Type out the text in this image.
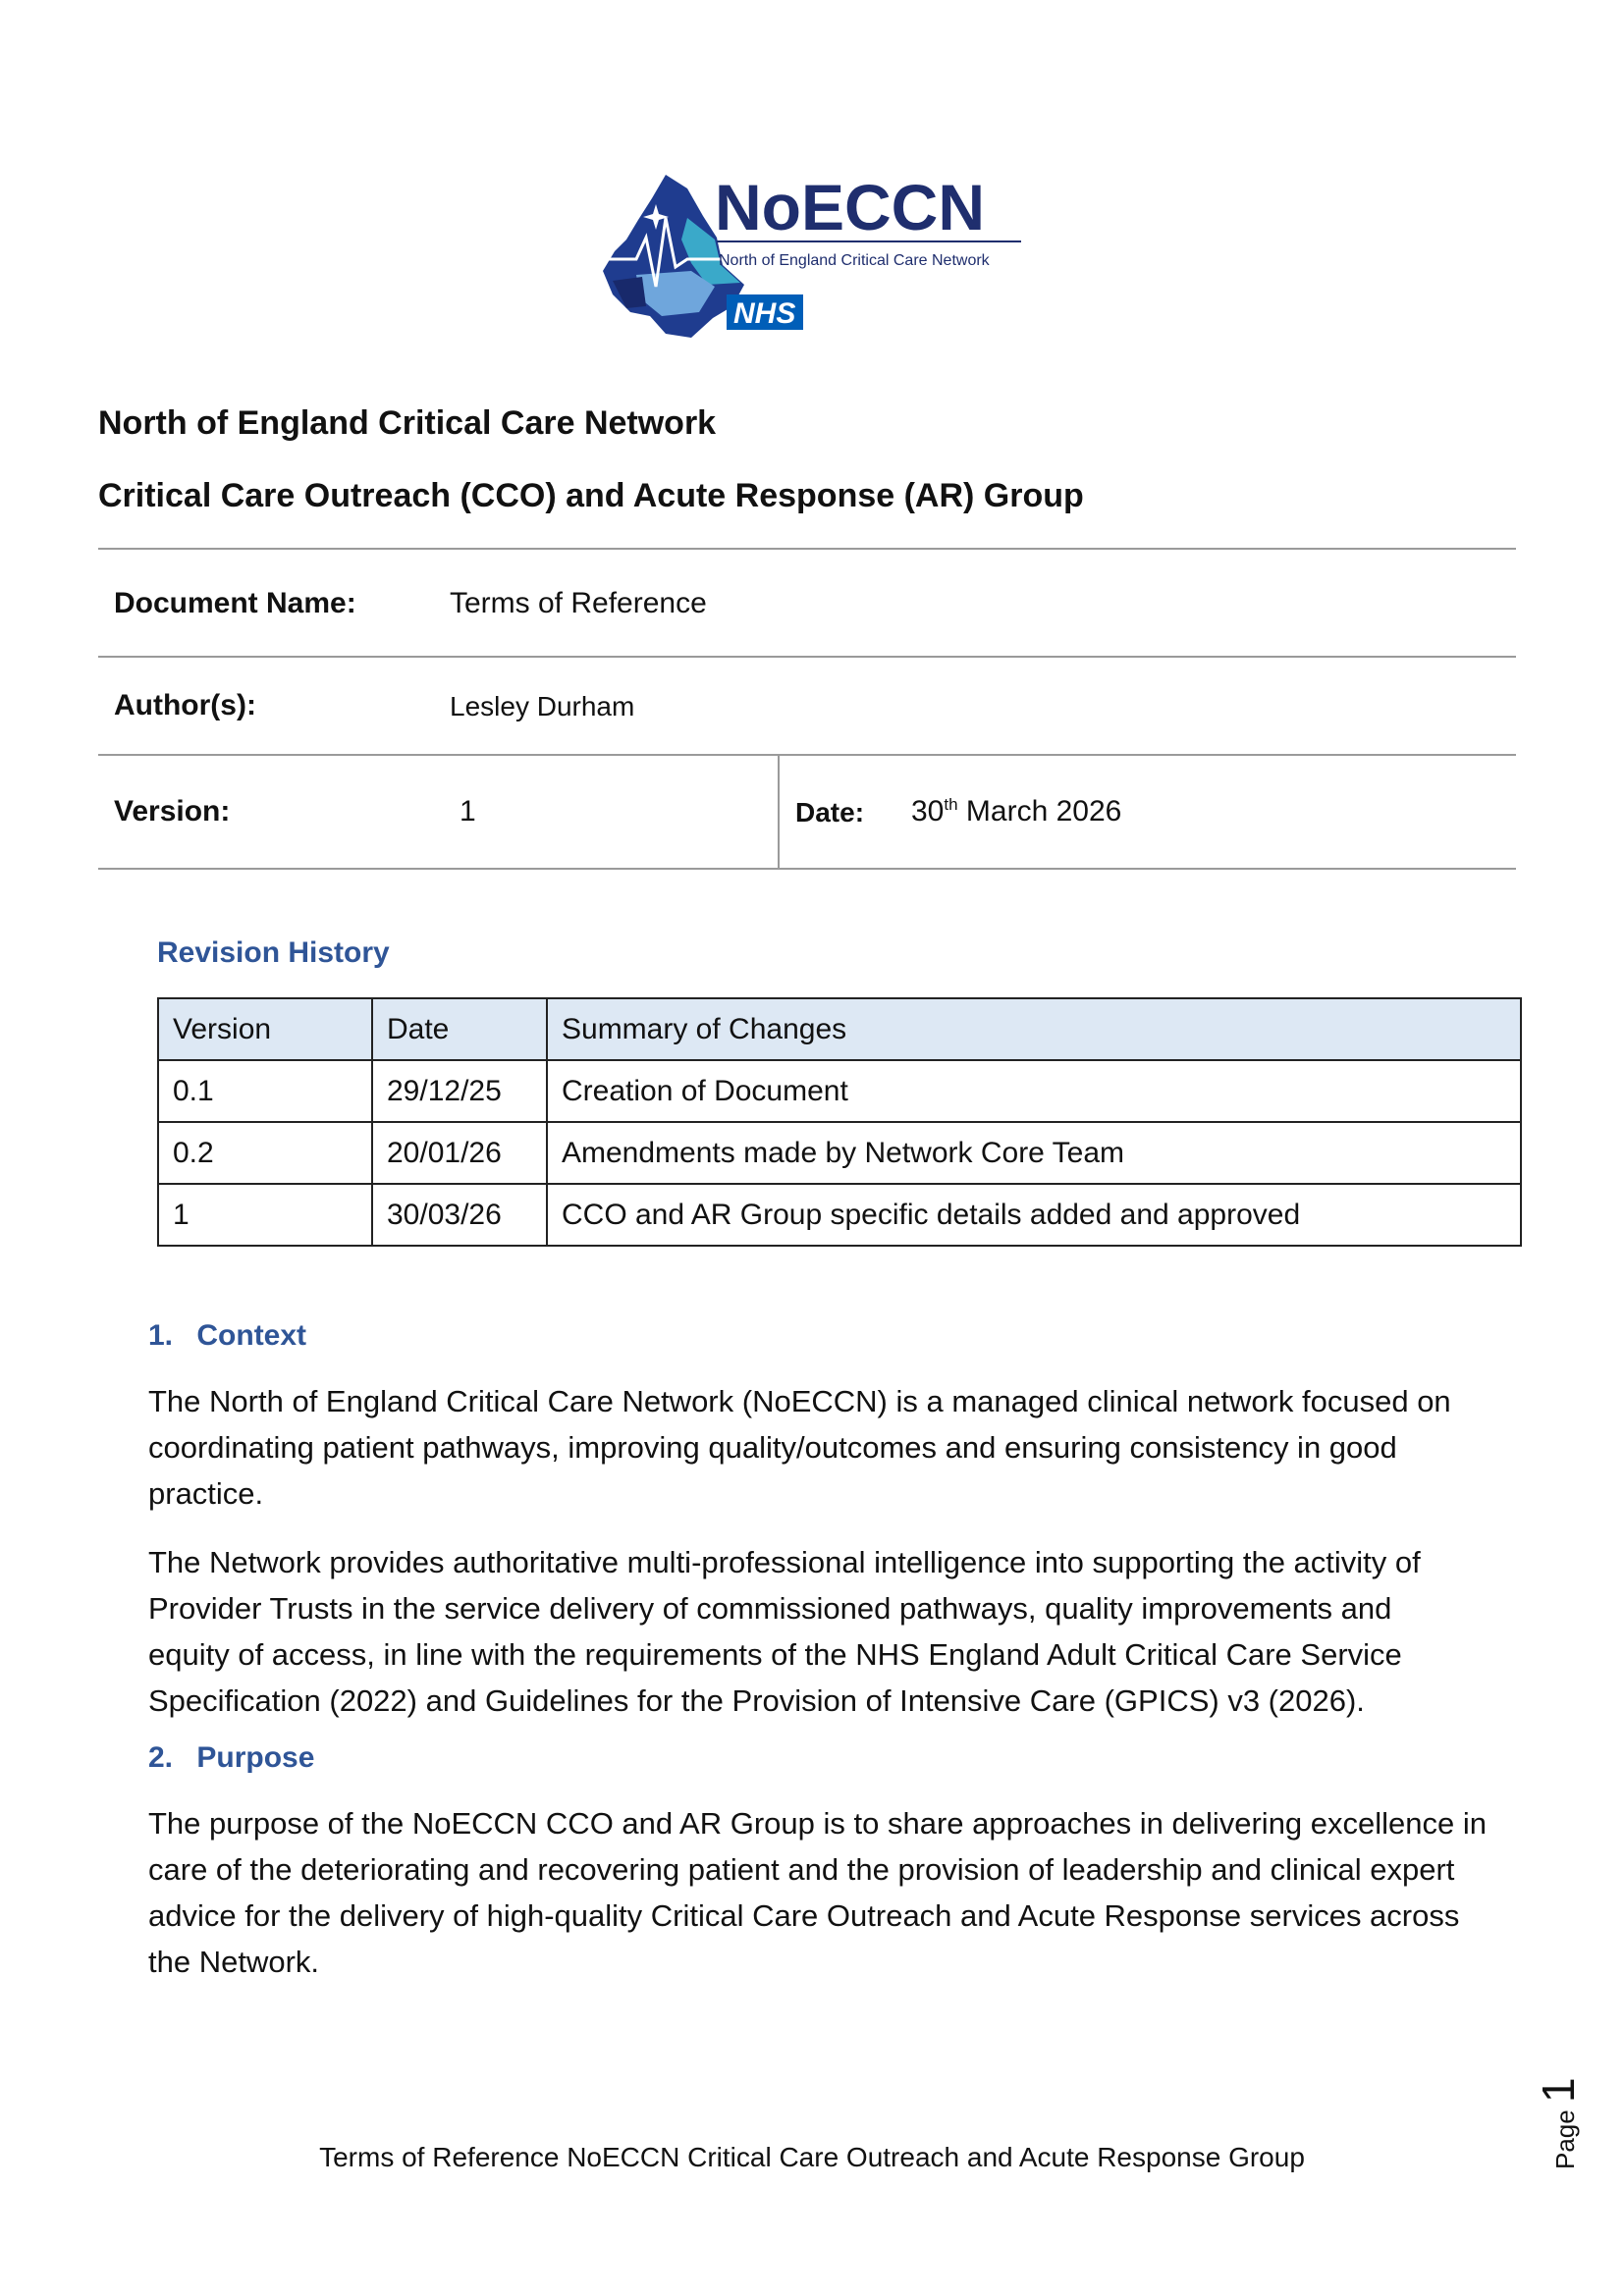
NoECCN
North of England Critical Care Network
NHS
North of England Critical Care Network
Critical Care Outreach (CCO) and Acute Response (AR) Group
Document Name:	Terms of Reference
Author(s):	Lesley Durham
Version:	1	Date: 30th March 2026
Revision History
Version	Date	Summary of Changes
0.1	29/12/25	Creation of Document
0.2	20/01/26	Amendments made by Network Core Team
1	30/03/26	CCO and AR Group specific details added and approved
1. Context
The North of England Critical Care Network (NoECCN) is a managed clinical network focused on
coordinating patient pathways, improving quality/outcomes and ensuring consistency in good
practice.
The Network provides authoritative multi-professional intelligence into supporting the activity of
Provider Trusts in the service delivery of commissioned pathways, quality improvements and
equity of access, in line with the requirements of the NHS England Adult Critical Care Service
Specification (2022) and Guidelines for the Provision of Intensive Care (GPICS) v3 (2026).
2. Purpose
The purpose of the NoECCN CCO and AR Group is to share approaches in delivering excellence in
care of the deteriorating and recovering patient and the provision of leadership and clinical expert
advice for the delivery of high-quality Critical Care Outreach and Acute Response services across
the Network.
Page 1
Terms of Reference NoECCN Critical Care Outreach and Acute Response Group
